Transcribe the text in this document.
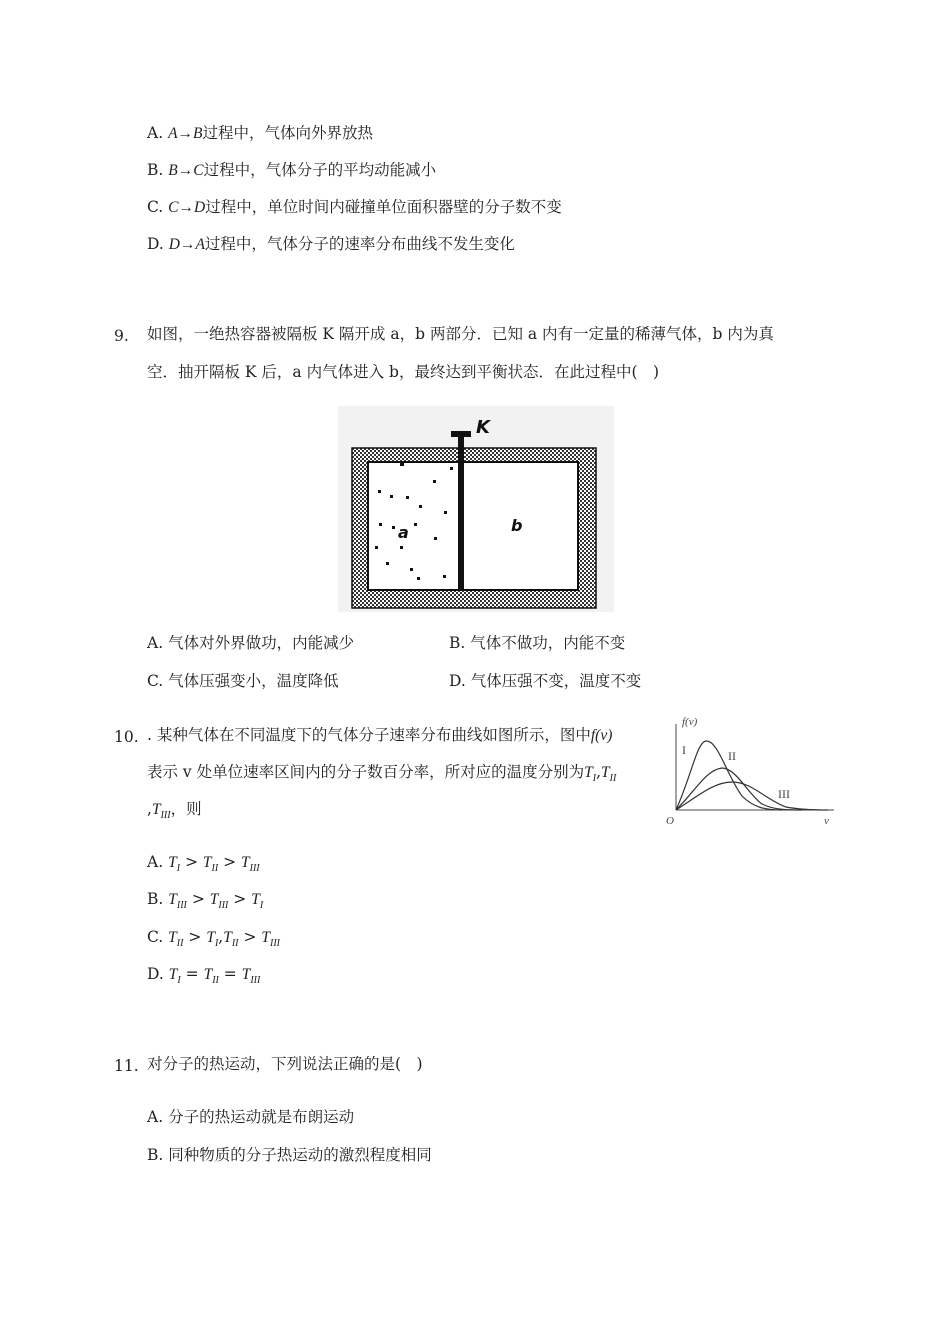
A. A→B过程中，气体向外界放热
B. B→C过程中，气体分子的平均动能减小
C. C→D过程中，单位时间内碰撞单位面积器壁的分子数不变
D. D→A过程中，气体分子的速率分布曲线不发生变化
9. 如图，一绝热容器被隔板 K 隔开成 a，b 两部分．已知 a 内有一定量的稀薄气体，b 内为真
空．抽开隔板 K 后，a 内气体进入 b，最终达到平衡状态．在此过程中(　)
K
a	b
A. 气体对外界做功，内能减少	B. 气体不做功，内能不变
C. 气体压强变小，温度降低	D. 气体压强不变，温度不变
10. . 某种气体在不同温度下的气体分子速率分布曲线如图所示，图中f(v)
表示 v 处单位速率区间内的分子数百分率，所对应的温度分别为$T_I,T_{II}$
$,T_{III}$，则
f(v)
v
O
I	II
III
A. $T_I > T_{II} > T_{III}$
B. $T_{III} > T_{III} > T_I$
C. $T_{II} > T_I,T_{II} > T_{III}$
D. $T_I = T_{II} = T_{III}$
11. 对分子的热运动，下列说法正确的是(　)
A. 分子的热运动就是布朗运动
B. 同种物质的分子热运动的激烈程度相同
